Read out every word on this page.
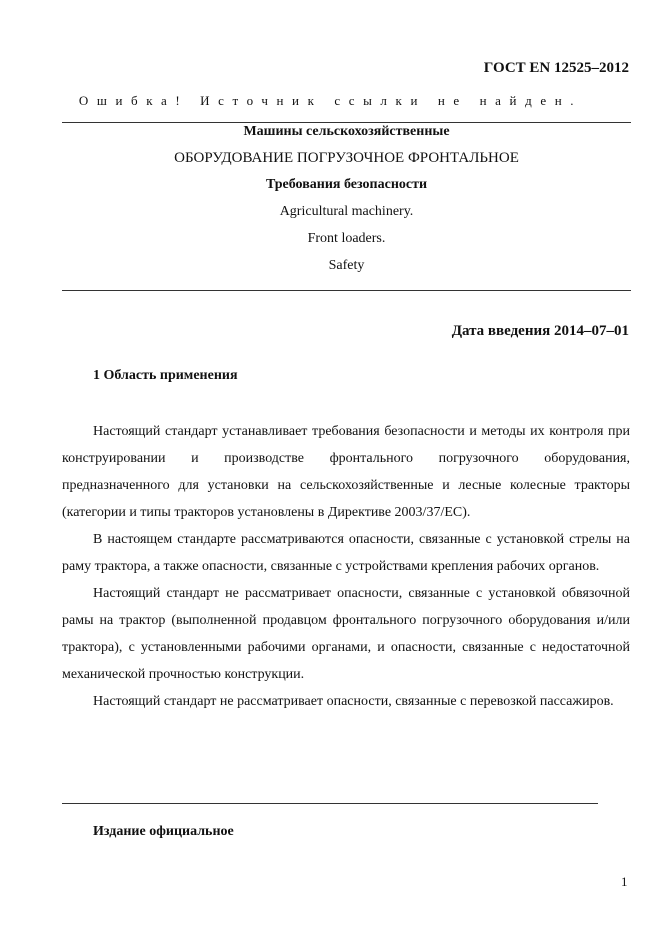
ГОСТ EN 12525–2012
Ошибка! Источник ссылки не найден.
Машины сельскохозяйственные
ОБОРУДОВАНИЕ ПОГРУЗОЧНОЕ ФРОНТАЛЬНОЕ
Требования безопасности
Agricultural machinery.
Front loaders.
Safety
Дата введения 2014–07–01
1 Область применения

Настоящий стандарт устанавливает требования безопасности и методы их контроля при конструировании и производстве фронтального погрузочного оборудования, предназначенного для установки на сельскохозяйственные и лесные колесные тракторы (категории и типы тракторов установлены в Директиве 2003/37/ЕС).

В настоящем стандарте рассматриваются опасности, связанные с установкой стрелы на раму трактора, а также опасности, связанные с устройствами крепления рабочих органов.

Настоящий стандарт не рассматривает опасности, связанные с установкой обвязочной рамы на трактор (выполненной продавцом фронтального погрузочного оборудования и/или трактора), с установленными рабочими органами, и опасности, связанные с недостаточной механической прочностью конструкции.

Настоящий стандарт не рассматривает опасности, связанные с перевозкой пассажиров.

Издание официальное
1
